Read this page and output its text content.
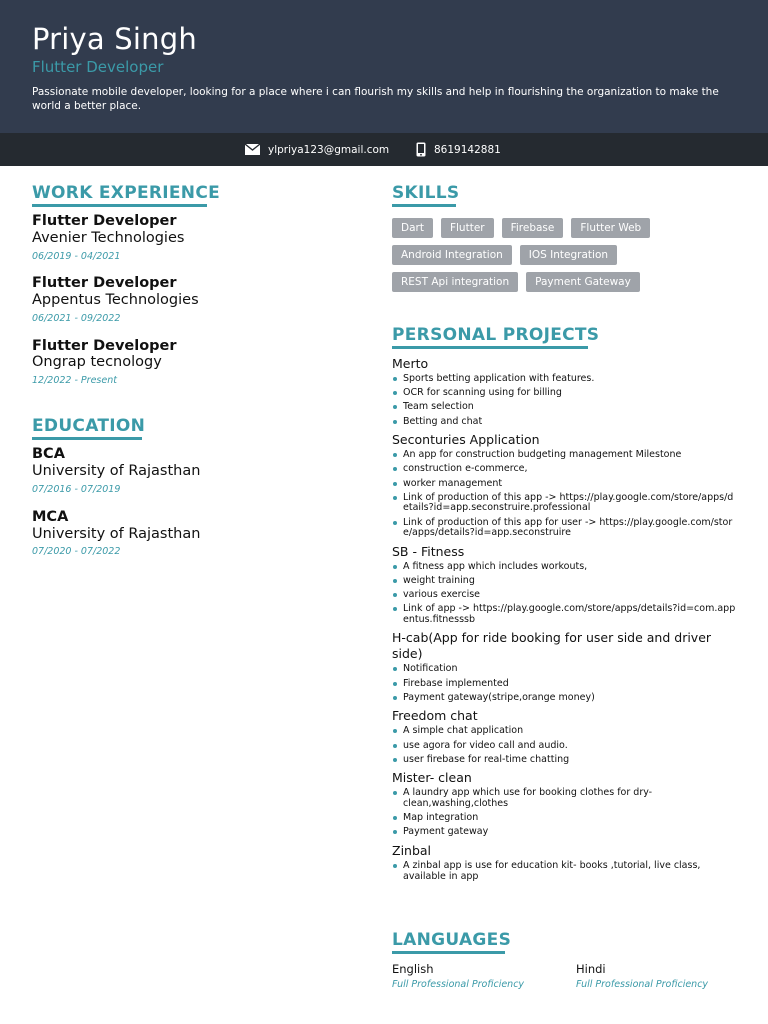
Priya Singh
Flutter Developer
Passionate mobile developer, looking for a place where i can flourish my skills and help in flourishing the organization to make the world a better place.
ylpriya123@gmail.com	8619142881
WORK EXPERIENCE
Flutter Developer
Avenier Technologies
06/2019 - 04/2021
Flutter Developer
Appentus Technologies
06/2021 - 09/2022
Flutter Developer
Ongrap tecnology
12/2022 - Present
EDUCATION
BCA
University of Rajasthan
07/2016 - 07/2019
MCA
University of Rajasthan
07/2020 - 07/2022
SKILLS
Dart	Flutter	Firebase	Flutter Web
Android Integration	IOS Integration
REST Api integration	Payment Gateway
PERSONAL PROJECTS
Merto
Sports betting application with features.
OCR for scanning using for billing
Team selection
Betting and chat
Seconturies Application
An app for construction budgeting management Milestone
construction e-commerce,
worker management
Link of production of this app -> https://play.google.com/store/apps/details?id=app.seconstruire.professional
Link of production of this app for user -> https://play.google.com/store/apps/details?id=app.seconstruire
SB - Fitness
A fitness app which includes workouts,
weight training
various exercise
Link of app -> https://play.google.com/store/apps/details?id=com.appentus.fitnesssb
H-cab(App for ride booking for user side and driver side)
Notification
Firebase implemented
Payment gateway(stripe,orange money)
Freedom chat
A simple chat application
use agora for video call and audio.
user firebase for real-time chatting
Mister- clean
A laundry app which use for booking clothes for dry-clean,washing,clothes
Map integration
Payment gateway
Zinbal
A zinbal app is use for education kit- books ,tutorial, live class, available in app
LANGUAGES
English
Full Professional Proficiency
Hindi
Full Professional Proficiency
